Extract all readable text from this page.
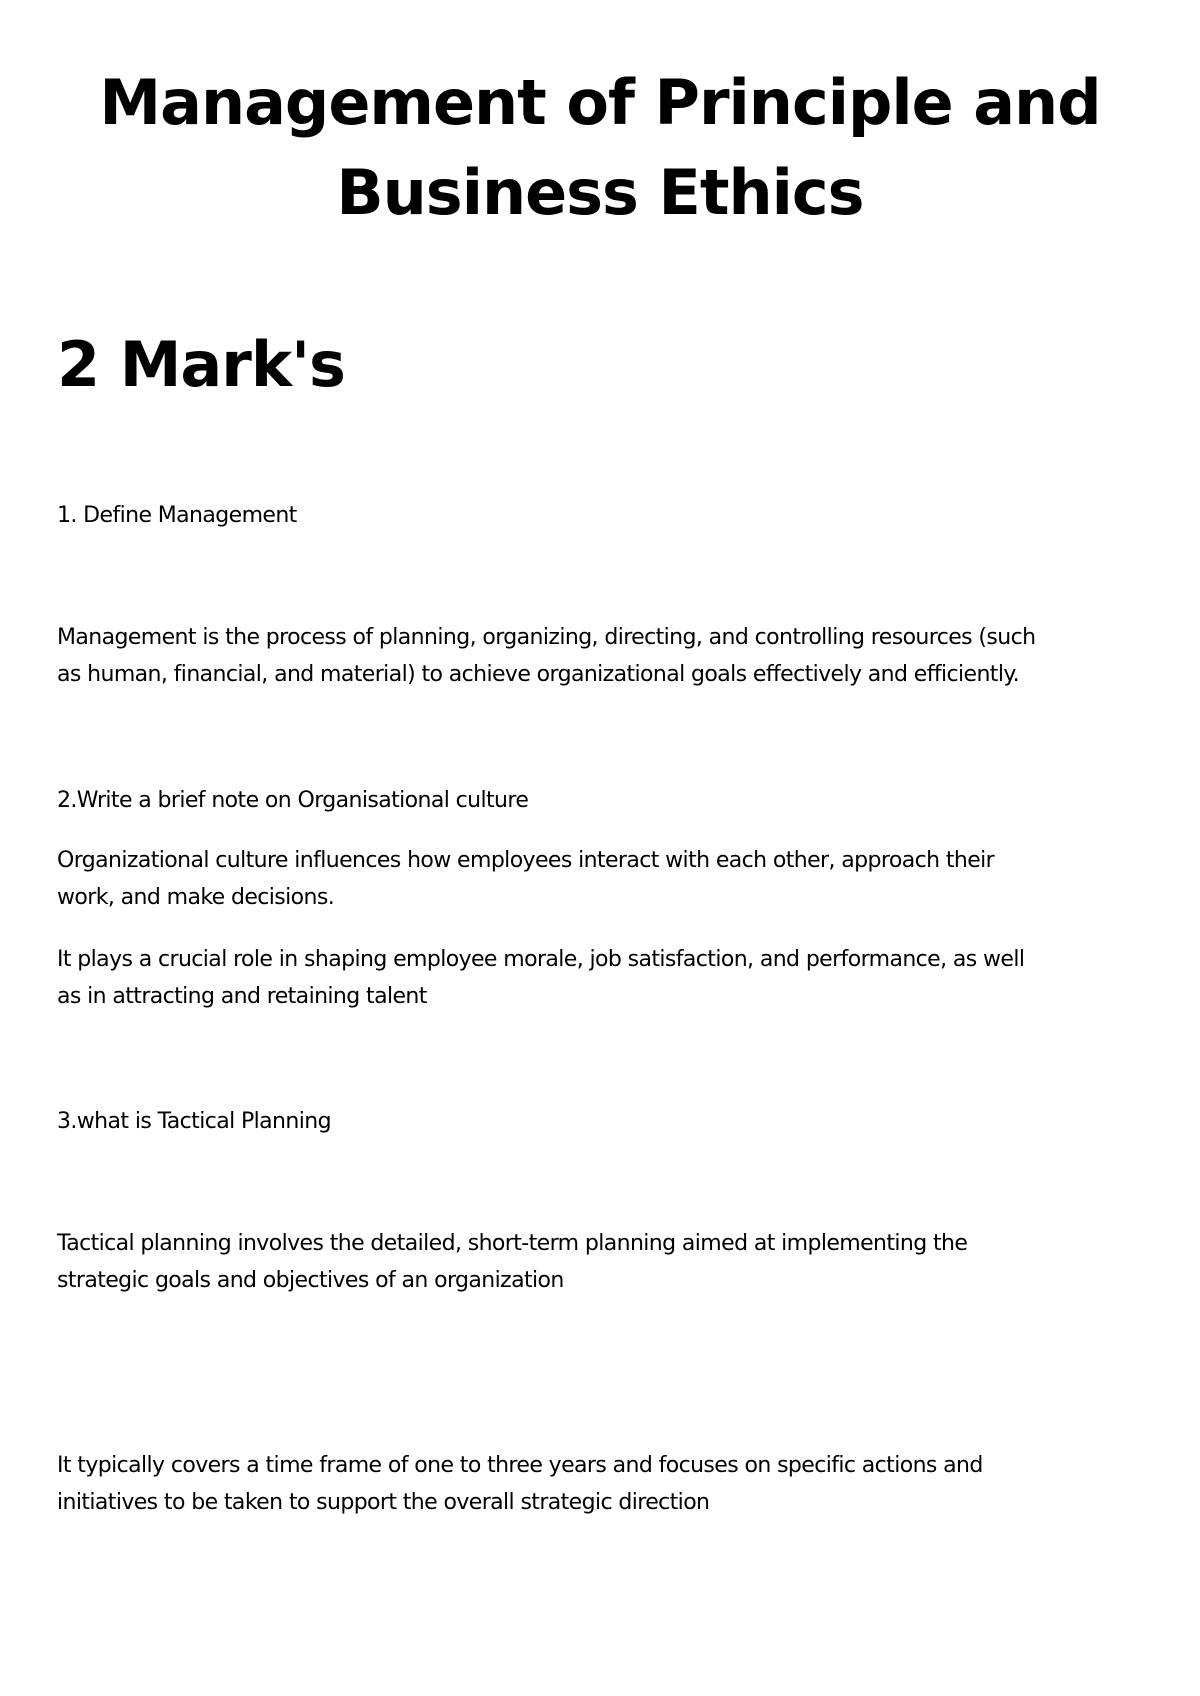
Management of Principle and Business Ethics
2 Mark's

1. Define Management

Management is the process of planning, organizing, directing, and controlling resources (such
as human, financial, and material) to achieve organizational goals effectively and efficiently.

2.Write a brief note on Organisational culture

Organizational culture influences how employees interact with each other, approach their
work, and make decisions.

It plays a crucial role in shaping employee morale, job satisfaction, and performance, as well
as in attracting and retaining talent

3.what is Tactical Planning

Tactical planning involves the detailed, short-term planning aimed at implementing the
strategic goals and objectives of an organization

It typically covers a time frame of one to three years and focuses on specific actions and
initiatives to be taken to support the overall strategic direction
